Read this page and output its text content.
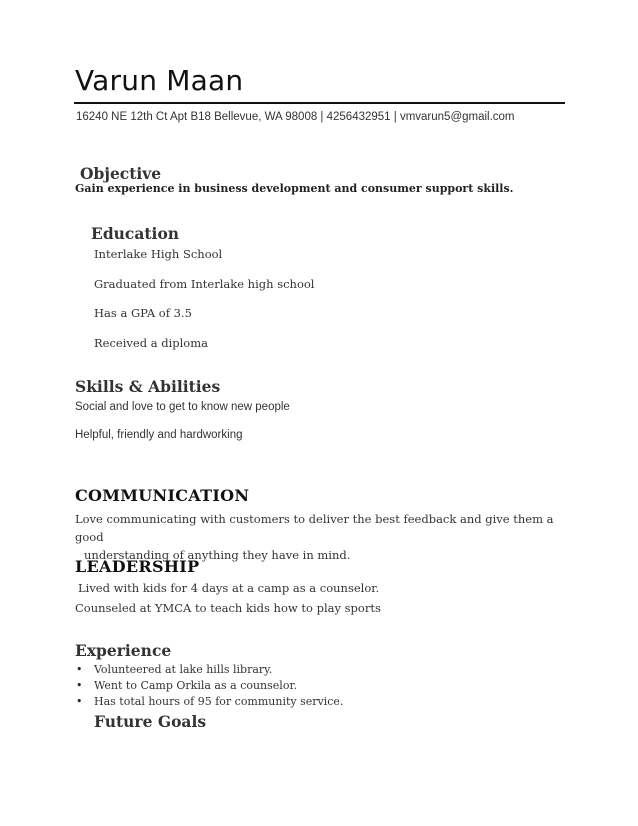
Varun Maan
16240 NE 12th Ct Apt B18 Bellevue, WA 98008 | 4256432951 | vmvarun5@gmail.com
Objective
Gain experience in business development and consumer support skills.
Education
Interlake High School
Graduated from Interlake high school
Has a GPA of 3.5
Received a diploma
Skills & Abilities
Social and love to get to know new people
Helpful, friendly and hardworking
COMMUNICATION
Love communicating with customers to deliver the best feedback and give them a good
understanding of anything they have in mind.
LEADERSHIP
Lived with kids for 4 days at a camp as a counselor.
Counseled at YMCA to teach kids how to play sports
Experience
• Volunteered at lake hills library.
• Went to Camp Orkila as a counselor.
• Has total hours of 95 for community service.
Future Goals
